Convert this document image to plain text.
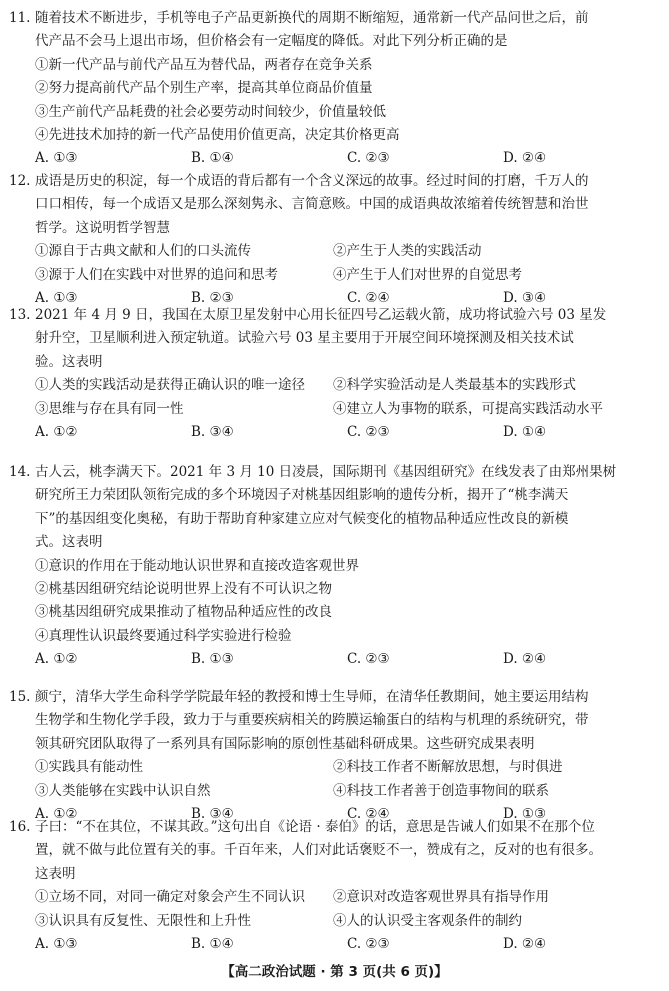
11. 随着技术不断进步，手机等电子产品更新换代的周期不断缩短，通常新一代产品问世之后，前
代产品不会马上退出市场，但价格会有一定幅度的降低。对此下列分析正确的是
①新一代产品与前代产品互为替代品，两者存在竞争关系
②努力提高前代产品个别生产率，提高其单位商品价值量
③生产前代产品耗费的社会必要劳动时间较少，价值量较低
④先进技术加持的新一代产品使用价值更高，决定其价格更高
A. ①③	B. ①④	C. ②③	D. ②④
12. 成语是历史的积淀，每一个成语的背后都有一个含义深远的故事。经过时间的打磨，千万人的
口口相传，每一个成语又是那么深刻隽永、言简意赅。中国的成语典故浓缩着传统智慧和治世
哲学。这说明哲学智慧
①源自于古典文献和人们的口头流传	②产生于人类的实践活动
③源于人们在实践中对世界的追问和思考	④产生于人们对世界的自觉思考
A. ①③	B. ②③	C. ②④	D. ③④
13. 2021 年 4 月 9 日，我国在太原卫星发射中心用长征四号乙运载火箭，成功将试验六号 03 星发
射升空，卫星顺利进入预定轨道。试验六号 03 星主要用于开展空间环境探测及相关技术试
验。这表明
①人类的实践活动是获得正确认识的唯一途径	②科学实验活动是人类最基本的实践形式
③思维与存在具有同一性	④建立人为事物的联系，可提高实践活动水平
A. ①②	B. ③④	C. ②③	D. ①④
14. 古人云，桃李满天下。2021 年 3 月 10 日凌晨，国际期刊《基因组研究》在线发表了由郑州果树
研究所王力荣团队领衔完成的多个环境因子对桃基因组影响的遗传分析，揭开了“桃李满天
下”的基因组变化奥秘，有助于帮助育种家建立应对气候变化的植物品种适应性改良的新模
式。这表明
①意识的作用在于能动地认识世界和直接改造客观世界
②桃基因组研究结论说明世界上没有不可认识之物
③桃基因组研究成果推动了植物品种适应性的改良
④真理性认识最终要通过科学实验进行检验
A. ①②	B. ①③	C. ②③	D. ②④
15. 颜宁，清华大学生命科学学院最年轻的教授和博士生导师，在清华任教期间，她主要运用结构
生物学和生物化学手段，致力于与重要疾病相关的跨膜运输蛋白的结构与机理的系统研究，带
领其研究团队取得了一系列具有国际影响的原创性基础科研成果。这些研究成果表明
①实践具有能动性	②科技工作者不断解放思想，与时俱进
③人类能够在实践中认识自然	④科技工作者善于创造事物间的联系
A. ①②	B. ③④	C. ②④	D. ①③
16. 子曰：“不在其位，不谋其政。”这句出自《论语 · 泰伯》的话，意思是告诫人们如果不在那个位
置，就不做与此位置有关的事。千百年来，人们对此话褒贬不一，赞成有之，反对的也有很多。
这表明
①立场不同，对同一确定对象会产生不同认识	②意识对改造客观世界具有指导作用
③认识具有反复性、无限性和上升性	④人的认识受主客观条件的制约
A. ①③	B. ①④	C. ②③	D. ②④
【高二政治试题 · 第 3 页(共 6 页)】
